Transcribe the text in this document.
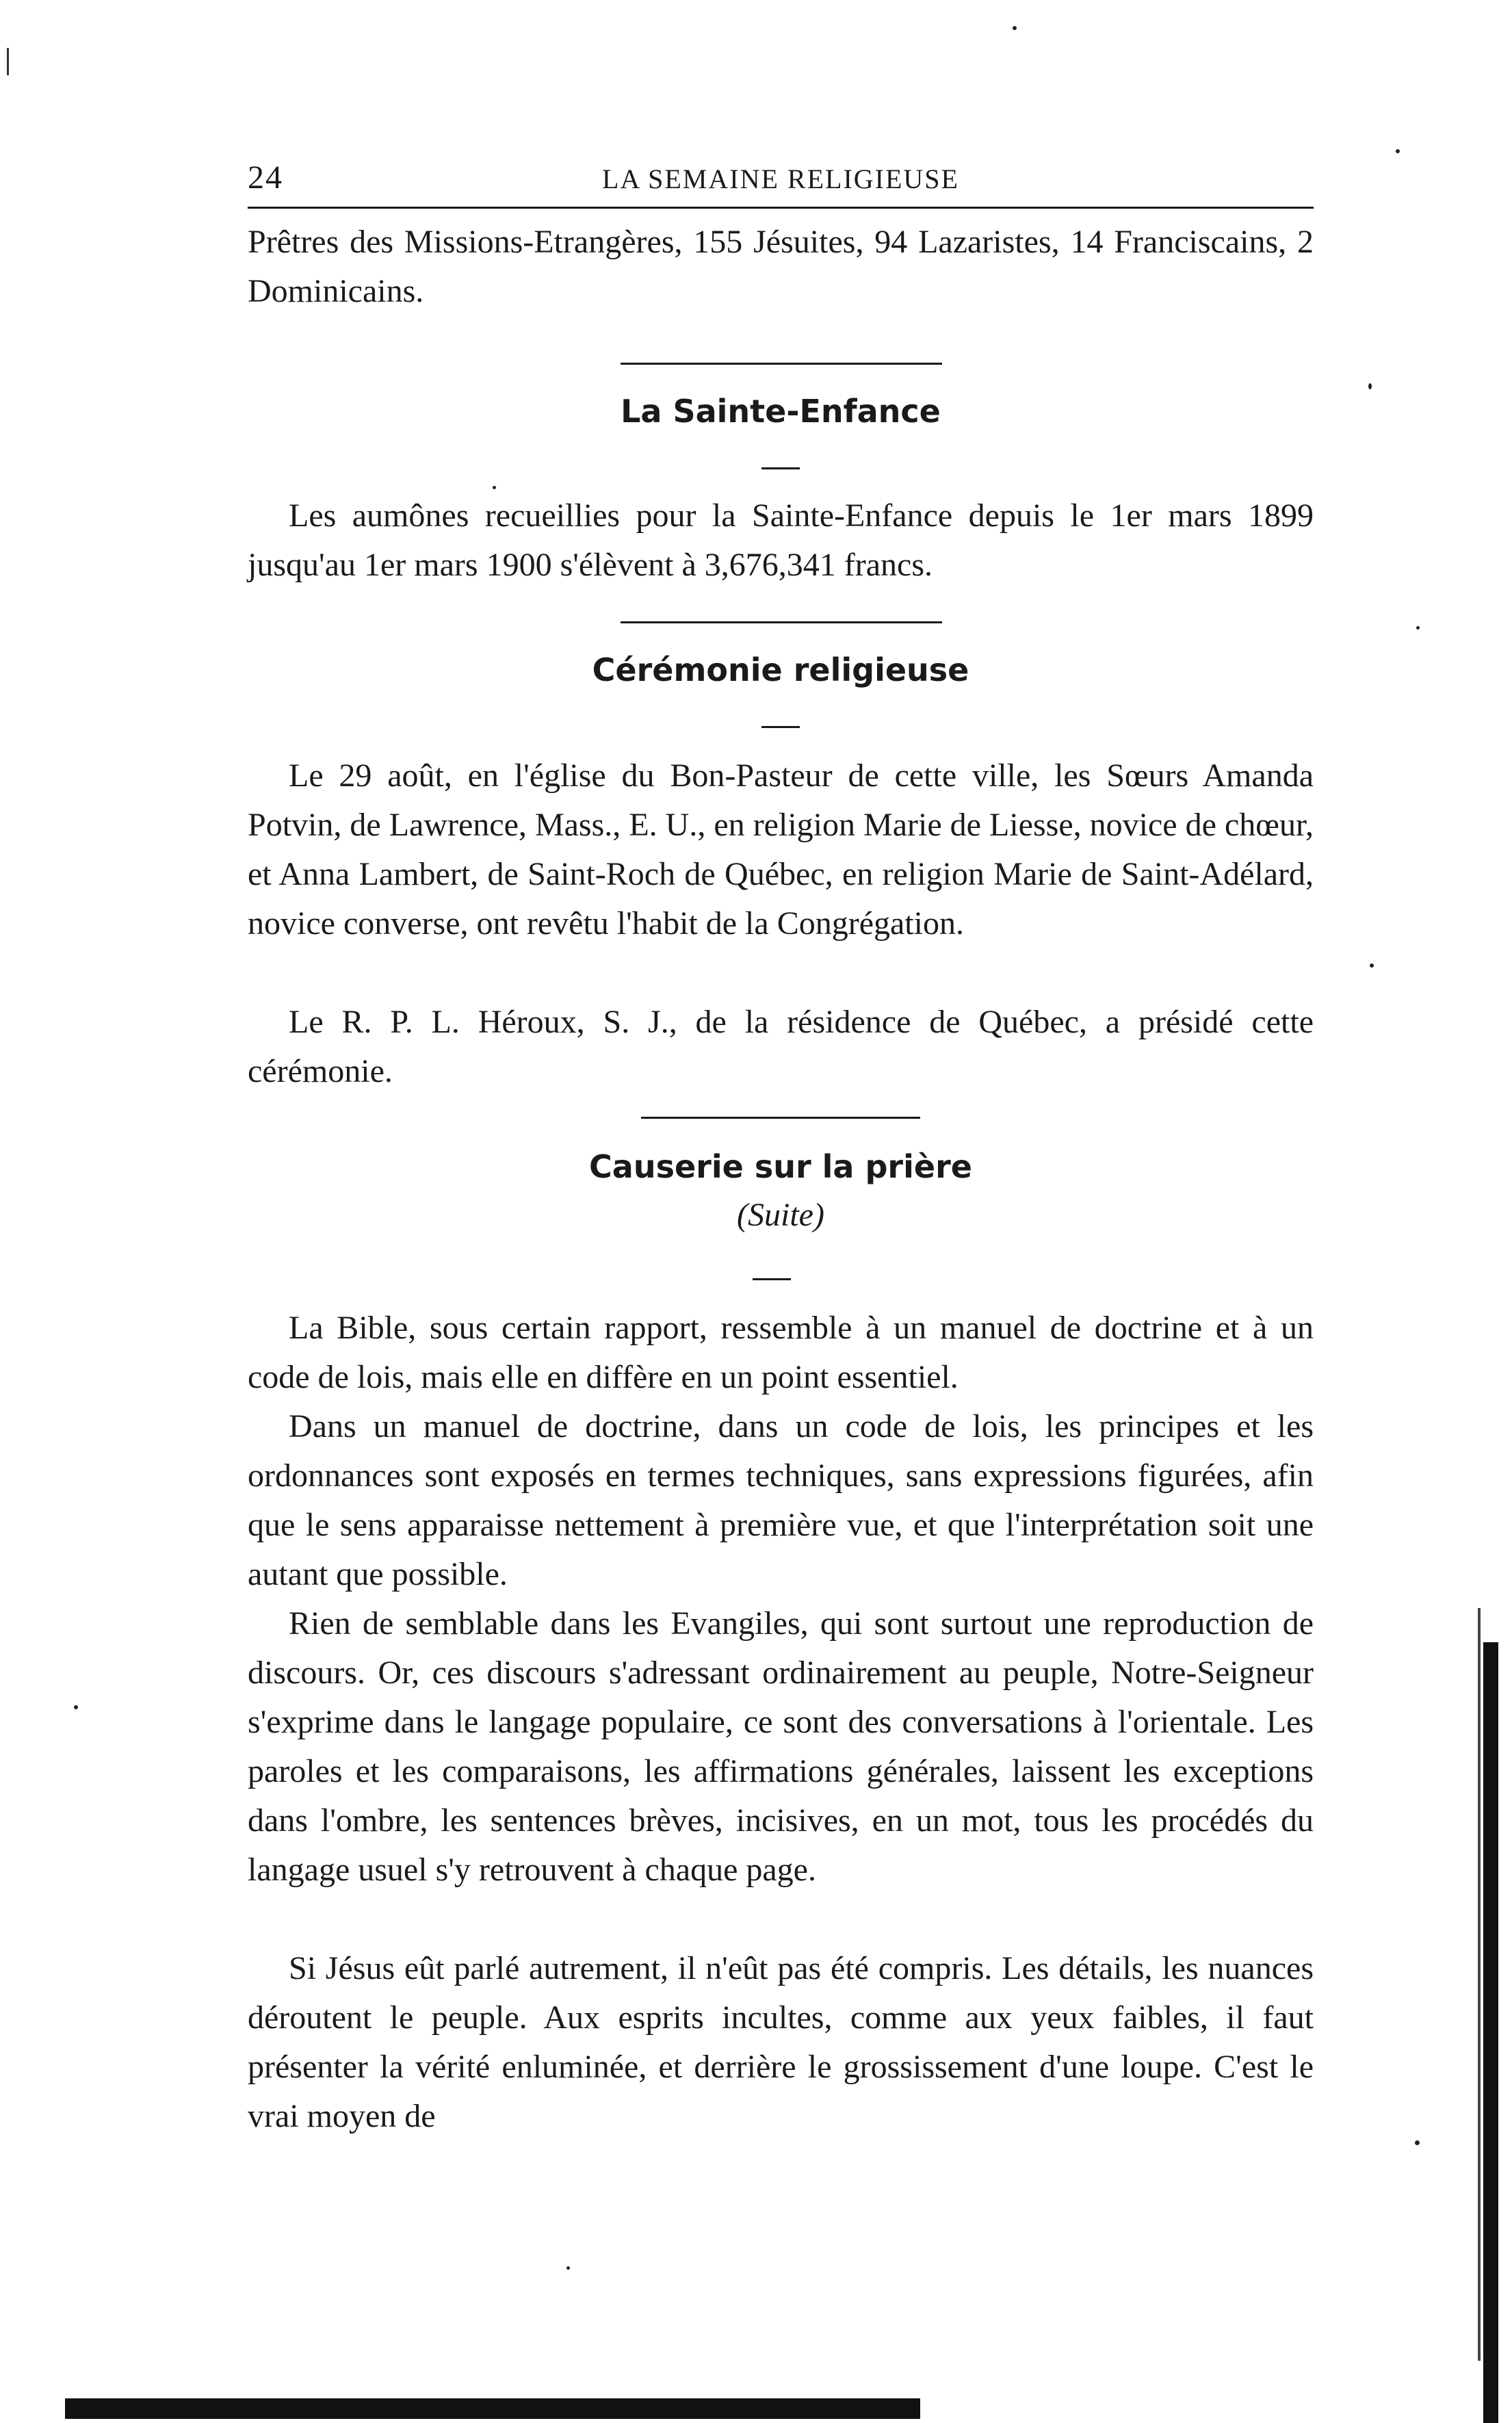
24	LA SEMAINE RELIGIEUSE

Prêtres des Missions-Etrangères, 155 Jésuites, 94 Lazaristes, 14 Franciscains, 2 Dominicains.

La Sainte-Enfance

Les aumônes recueillies pour la Sainte-Enfance depuis le 1er mars 1899 jusqu'au 1er mars 1900 s'élèvent à 3,676,341 francs.

Cérémonie religieuse

Le 29 août, en l'église du Bon-Pasteur de cette ville, les Sœurs Amanda Potvin, de Lawrence, Mass., E. U., en religion Marie de Liesse, novice de chœur, et Anna Lambert, de Saint-Roch de Québec, en religion Marie de Saint-Adélard, novice converse, ont revêtu l'habit de la Congrégation.

Le R. P. L. Héroux, S. J., de la résidence de Québec, a présidé cette cérémonie.

Causerie sur la prière
(Suite)

La Bible, sous certain rapport, ressemble à un manuel de doctrine et à un code de lois, mais elle en diffère en un point essentiel.

Dans un manuel de doctrine, dans un code de lois, les principes et les ordonnances sont exposés en termes techniques, sans expressions figurées, afin que le sens apparaisse nettement à première vue, et que l'interprétation soit une autant que possible.

Rien de semblable dans les Evangiles, qui sont surtout une reproduction de discours. Or, ces discours s'adressant ordinairement au peuple, Notre-Seigneur s'exprime dans le langage populaire, ce sont des conversations à l'orientale. Les paroles et les comparaisons, les affirmations générales, laissent les exceptions dans l'ombre, les sentences brèves, incisives, en un mot, tous les procédés du langage usuel s'y retrouvent à chaque page.

Si Jésus eût parlé autrement, il n'eût pas été compris. Les détails, les nuances déroutent le peuple. Aux esprits incultes, comme aux yeux faibles, il faut présenter la vérité enluminée, et derrière le grossissement d'une loupe. C'est le vrai moyen de
